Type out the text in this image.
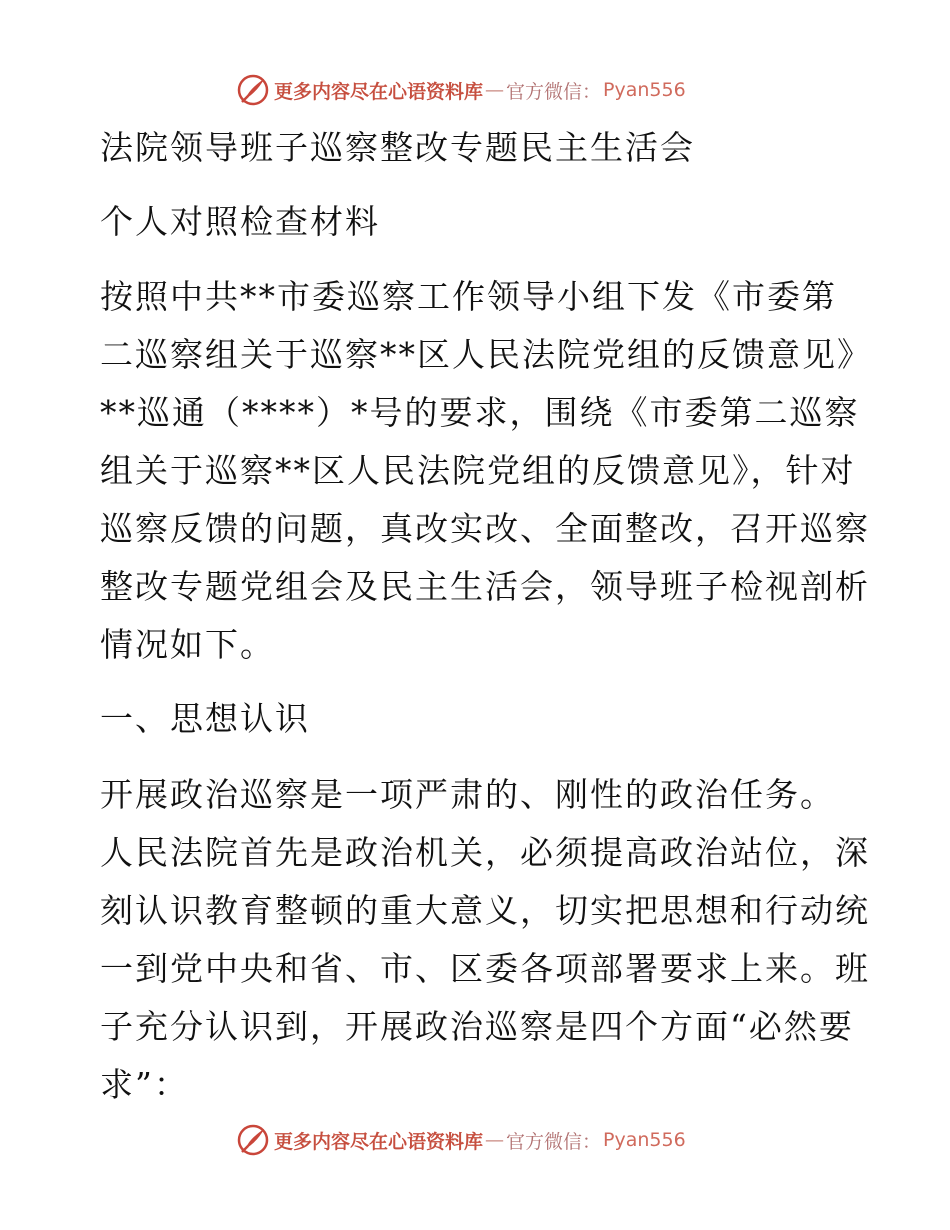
更多内容尽在心语资料库 — 官方微信： Pyan556
法院领导班子巡察整改专题民主生活会
个人对照检查材料
按照中共**市委巡察工作领导小组下发《市委第
二巡察组关于巡察**区人民法院党组的反馈意见》
**巡通（****）*号的要求，围绕《市委第二巡察
组关于巡察**区人民法院党组的反馈意见》，针对
巡察反馈的问题，真改实改、全面整改，召开巡察
整改专题党组会及民主生活会，领导班子检视剖析
情况如下。
一、思想认识
开展政治巡察是一项严肃的、刚性的政治任务。
人民法院首先是政治机关，必须提高政治站位，深
刻认识教育整顿的重大意义，切实把思想和行动统
一到党中央和省、市、区委各项部署要求上来。班
子充分认识到，开展政治巡察是四个方面“必然要
求”：
更多内容尽在心语资料库 — 官方微信： Pyan556
